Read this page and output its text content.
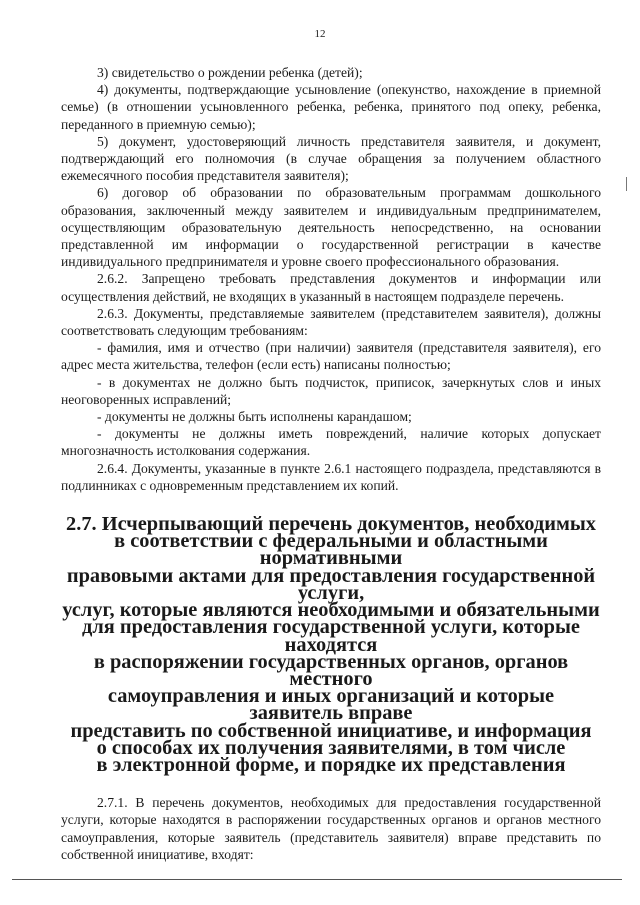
12

3) свидетельство о рождении ребенка (детей);

4) документы, подтверждающие усыновление (опекунство, нахождение в приемной семье) (в отношении усыновленного ребенка, ребенка, принятого под опеку, ребенка, переданного в приемную семью);

5) документ, удостоверяющий личность представителя заявителя, и документ, подтверждающий его полномочия (в случае обращения за получением областного ежемесячного пособия представителя заявителя);

6) договор об образовании по образовательным программам дошкольного образования, заключенный между заявителем и индивидуальным предпринимателем, осуществляющим образовательную деятельность непосредственно, на основании представленной им информации о государственной регистрации в качестве индивидуального предпринимателя и уровне своего профессионального образования.

2.6.2. Запрещено требовать представления документов и информации или осуществления действий, не входящих в указанный в настоящем подразделе перечень.

2.6.3. Документы, представляемые заявителем (представителем заявителя), должны соответствовать следующим требованиям:

- фамилия, имя и отчество (при наличии) заявителя (представителя заявителя), его адрес места жительства, телефон (если есть) написаны полностью;

- в документах не должно быть подчисток, приписок, зачеркнутых слов и иных неоговоренных исправлений;

- документы не должны быть исполнены карандашом;

- документы не должны иметь повреждений, наличие которых допускает многозначность истолкования содержания.

2.6.4. Документы, указанные в пункте 2.6.1 настоящего подраздела, представляются в подлинниках с одновременным представлением их копий.

2.7. Исчерпывающий перечень документов, необходимых
в соответствии с федеральными и областными нормативными
правовыми актами для предоставления государственной услуги,
услуг, которые являются необходимыми и обязательными
для предоставления государственной услуги, которые находятся
в распоряжении государственных органов, органов местного
самоуправления и иных организаций и которые заявитель вправе
представить по собственной инициативе, и информация
о способах их получения заявителями, в том числе
в электронной форме, и порядке их представления

2.7.1. В перечень документов, необходимых для предоставления государственной услуги, которые находятся в распоряжении государственных органов и органов местного самоуправления, которые заявитель (представитель заявителя) вправе представить по собственной инициативе, входят:
